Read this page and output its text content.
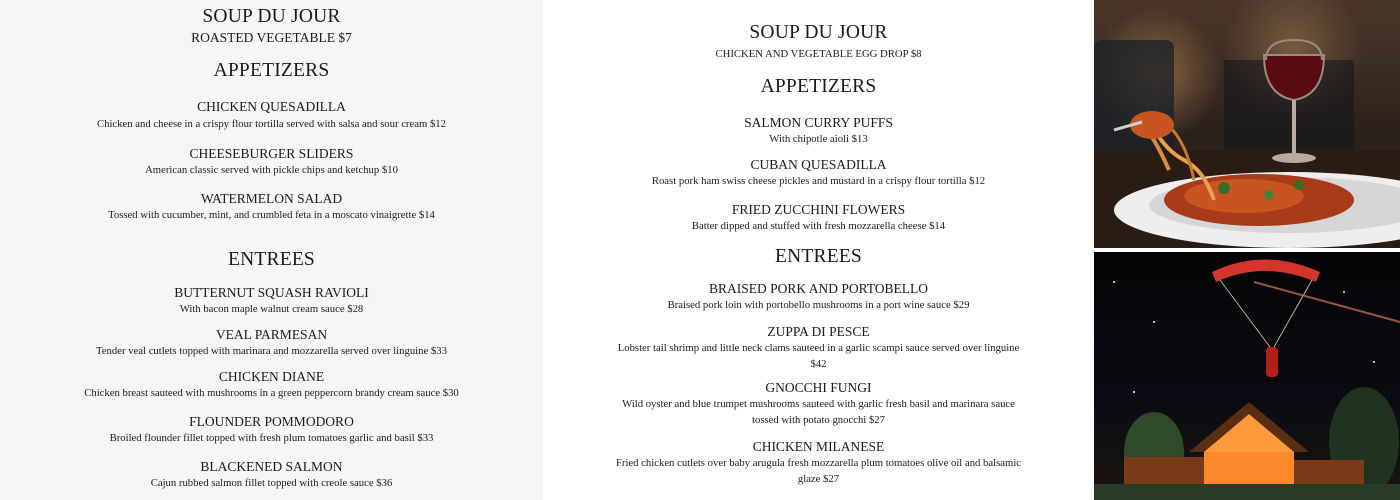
SOUP DU JOUR
ROASTED VEGETABLE $7
APPETIZERS
CHICKEN QUESADILLA
Chicken and cheese in a crispy flour tortilla served with salsa and sour cream $12
CHEESEBURGER SLIDERS
American classic served with pickle chips and ketchup $10
WATERMELON SALAD
Tossed with cucumber, mint, and crumbled feta in a moscato vinaigrette $14
ENTREES
BUTTERNUT SQUASH RAVIOLI
With bacon maple walnut cream sauce $28
VEAL PARMESAN
Tender veal cutlets topped with marinara and mozzarella served over linguine $33
CHICKEN DIANE
Chicken breast sauteed with mushrooms in a green peppercorn brandy cream sauce $30
FLOUNDER POMMODORO
Broiled flounder fillet topped with fresh plum tomatoes garlic and basil $33
BLACKENED SALMON
Cajun rubbed salmon fillet topped with creole sauce $36
SOUP DU JOUR
CHICKEN AND VEGETABLE EGG DROP $8
APPETIZERS
SALMON CURRY PUFFS
With chipotle aioli $13
CUBAN QUESADILLA
Roast pork ham swiss cheese pickles and mustard in a crispy flour tortilla $12
FRIED ZUCCHINI FLOWERS
Batter dipped and stuffed with fresh mozzarella cheese $14
ENTREES
BRAISED PORK AND PORTOBELLO
Braised pork loin with portobello mushrooms in a port wine sauce $29
ZUPPA DI PESCE
Lobster tail shrimp and little neck clams sauteed in a garlic scampi sauce served over linguine $42
GNOCCHI FUNGI
Wild oyster and blue trumpet mushrooms sauteed with garlic fresh basil and marinara sauce tossed with potato gnocchi $27
CHICKEN MILANESE
Fried chicken cutlets over baby arugula fresh mozzarella plum tomatoes olive oil and balsamic glaze $27
